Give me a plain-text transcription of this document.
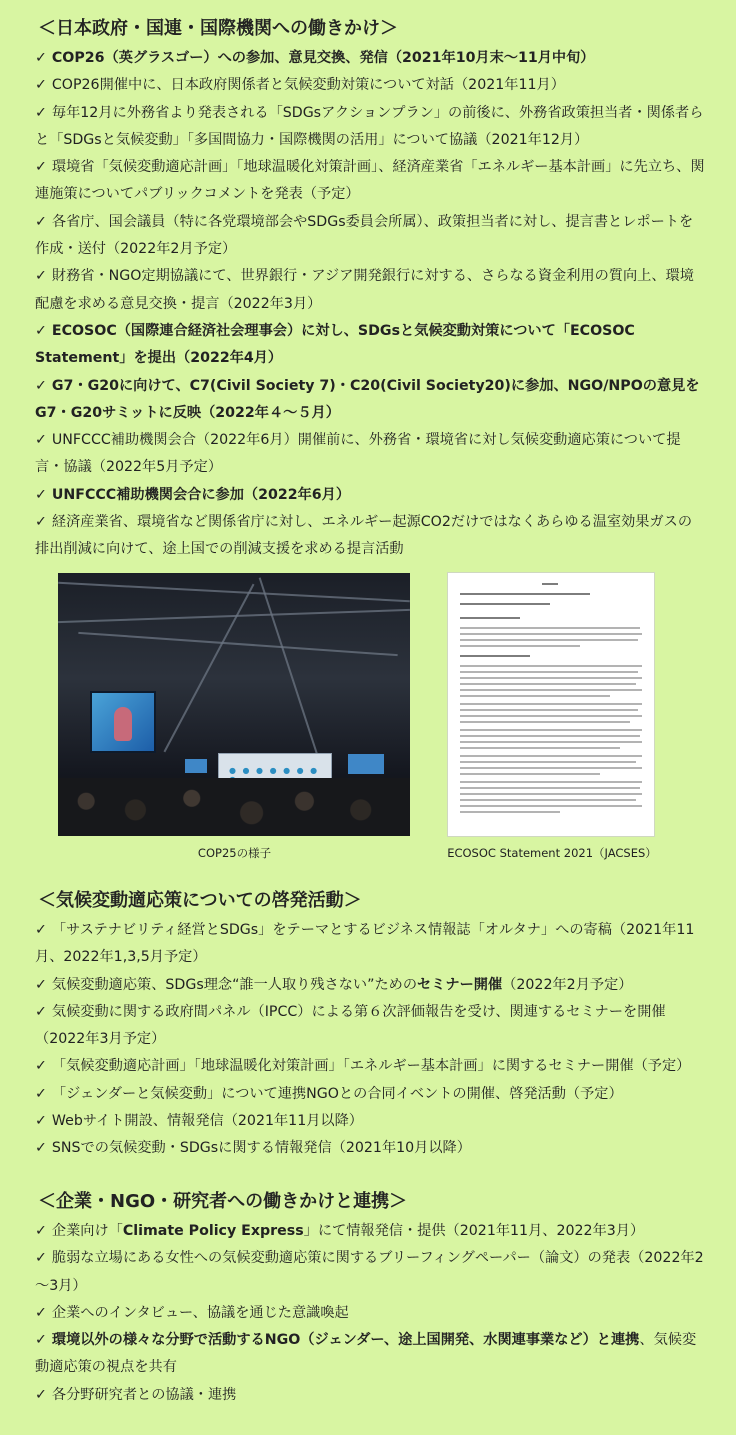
＜日本政府・国連・国際機関への働きかけ＞
✓ COP26（英グラスゴー）への参加、意見交換、発信（2021年10月末〜11月中旬）
✓ COP26開催中に、日本政府関係者と気候変動対策について対話（2021年11月）
✓ 毎年12月に外務省より発表される「SDGsアクションプラン」の前後に、外務省政策担当者・関係者らと「SDGsと気候変動」「多国間協力・国際機関の活用」について協議（2021年12月）
✓ 環境省「気候変動適応計画」「地球温暖化対策計画」、経済産業省「エネルギー基本計画」に先立ち、関連施策についてパブリックコメントを発表（予定）
✓ 各省庁、国会議員（特に各党環境部会やSDGs委員会所属）、政策担当者に対し、提言書とレポートを作成・送付（2022年2月予定）
✓ 財務省・NGO定期協議にて、世界銀行・アジア開発銀行に対する、さらなる資金利用の質向上、環境配慮を求める意見交換・提言（2022年3月）
✓ ECOSOC（国際連合経済社会理事会）に対し、SDGsと気候変動対策について「ECOSOC Statement」を提出（2022年4月）
✓ G7・G20に向けて、C7(Civil Society 7)・C20(Civil Society20)に参加、NGO/NPOの意見をG7・G20サミットに反映（2022年４～５月）
✓ UNFCCC補助機関会合（2022年6月）開催前に、外務省・環境省に対し気候変動適応策について提言・協議（2022年5月予定）
✓ UNFCCC補助機関会合に参加（2022年6月）
✓ 経済産業省、環境省など関係省庁に対し、エネルギー起源CO2だけではなくあらゆる温室効果ガスの排出削減に向けて、途上国での削減支援を求める提言活動
● ● ● ● ● ● ●
COP25の様子	ECOSOC Statement 2021（JACSES）
＜気候変動適応策についての啓発活動＞
✓ 「サステナビリティ経営とSDGs」をテーマとするビジネス情報誌「オルタナ」への寄稿（2021年11月、2022年1,3,5月予定）
✓ 気候変動適応策、SDGs理念“誰一人取り残さない”ためのセミナー開催（2022年2月予定）
✓ 気候変動に関する政府間パネル（IPCC）による第６次評価報告を受け、関連するセミナーを開催（2022年3月予定）
✓ 「気候変動適応計画」「地球温暖化対策計画」「エネルギー基本計画」に関するセミナー開催（予定）
✓ 「ジェンダーと気候変動」について連携NGOとの合同イベントの開催、啓発活動（予定）
✓ Webサイト開設、情報発信（2021年11月以降）
✓ SNSでの気候変動・SDGsに関する情報発信（2021年10月以降）
＜企業・NGO・研究者への働きかけと連携＞
✓ 企業向け「Climate Policy Express」にて情報発信・提供（2021年11月、2022年3月）
✓ 脆弱な立場にある女性への気候変動適応策に関するブリーフィングペーパー（論文）の発表（2022年2～3月）
✓ 企業へのインタビュー、協議を通じた意識喚起
✓ 環境以外の様々な分野で活動するNGO（ジェンダー、途上国開発、水関連事業など）と連携、気候変動適応策の視点を共有
✓ 各分野研究者との協議・連携
